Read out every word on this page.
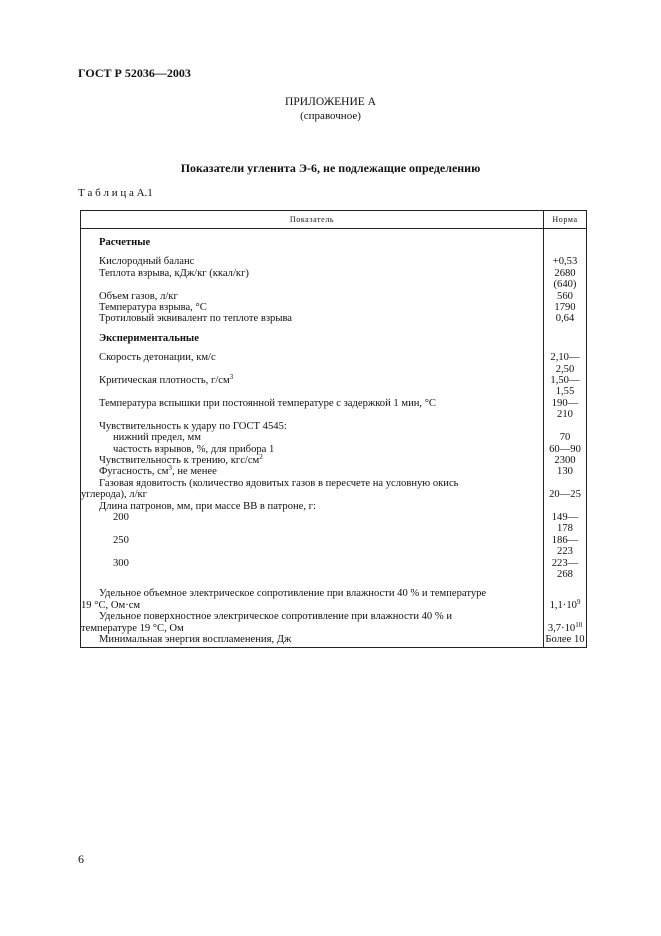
ГОСТ Р 52036—2003
ПРИЛОЖЕНИЕ А
(справочное)
Показатели угленита Э-6, не подлежащие определению
Т а б л и ц а А.1
Показатель	Норма

Расчетные	

Кислородный баланс	+0,53
Теплота взрыва, кДж/кг (ккал/кг)	2680 (640)
Объем газов, л/кг	560
Температура взрыва, °С	1790
Тротиловый эквивалент по теплоте взрыва	0,64

Экспериментальные	

Скорость детонации, км/с	2,10—2,50
Критическая плотность, $г/см^3$	1,50—1,55
Температура вспышки при постоянной температуре с задержкой 1 мин, °С	190—210
Чувствительность к удару по ГОСТ 4545:	
нижний предел, мм	70
частость взрывов, %, для прибора 1	60—90
Чувствительность к трению, кгс/$см^2$	2300
Фугасность, $см^3$, не менее	130

Газовая ядовитость (количество ядовитых газов в пересчете на условную окись
углерода), л/кг	20—25
Длина патронов, мм, при массе ВВ в патроне, г:	
200	149—178
250	186—223
300	223—268

Удельное объемное электрическое сопротивление при влажности 40 % и температуре
19 °С, Ом·см	$1,1\cdot 10^9$

Удельное поверхностное электрическое сопротивление при влажности 40 % и
температуре 19 °С, Ом	$3,7\cdot 10^{10}$
Минимальная энергия воспламенения, Дж	Более 10
6
